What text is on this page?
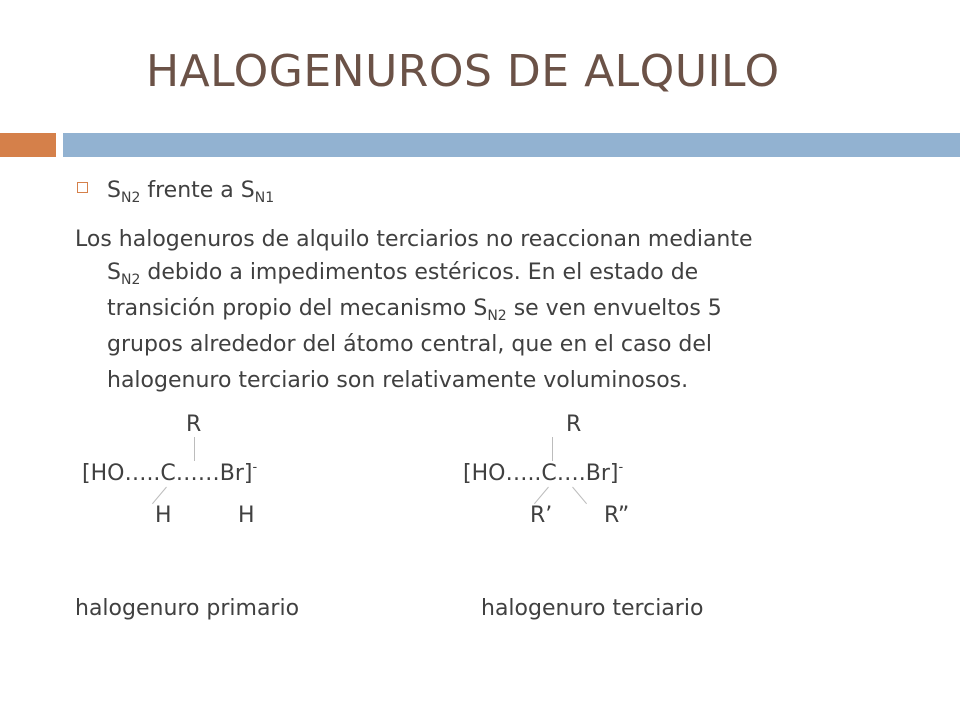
HALOGENUROS DE ALQUILO
$S_{N2}$ frente a $S_{N1}$
Los halogenuros de alquilo terciarios no reaccionan mediante
$S_{N2}$ debido a impedimentos estéricos. En el estado de
transición propio del mecanismo $S_{N2}$ se ven envueltos 5
grupos alrededor del átomo central, que en el caso del
halogenuro terciario son relativamente voluminosos.
R
[HO…..C……Br]-
H	H
R
[HO…..C….Br]-
R’ R”
halogenuro primario	halogenuro terciario
